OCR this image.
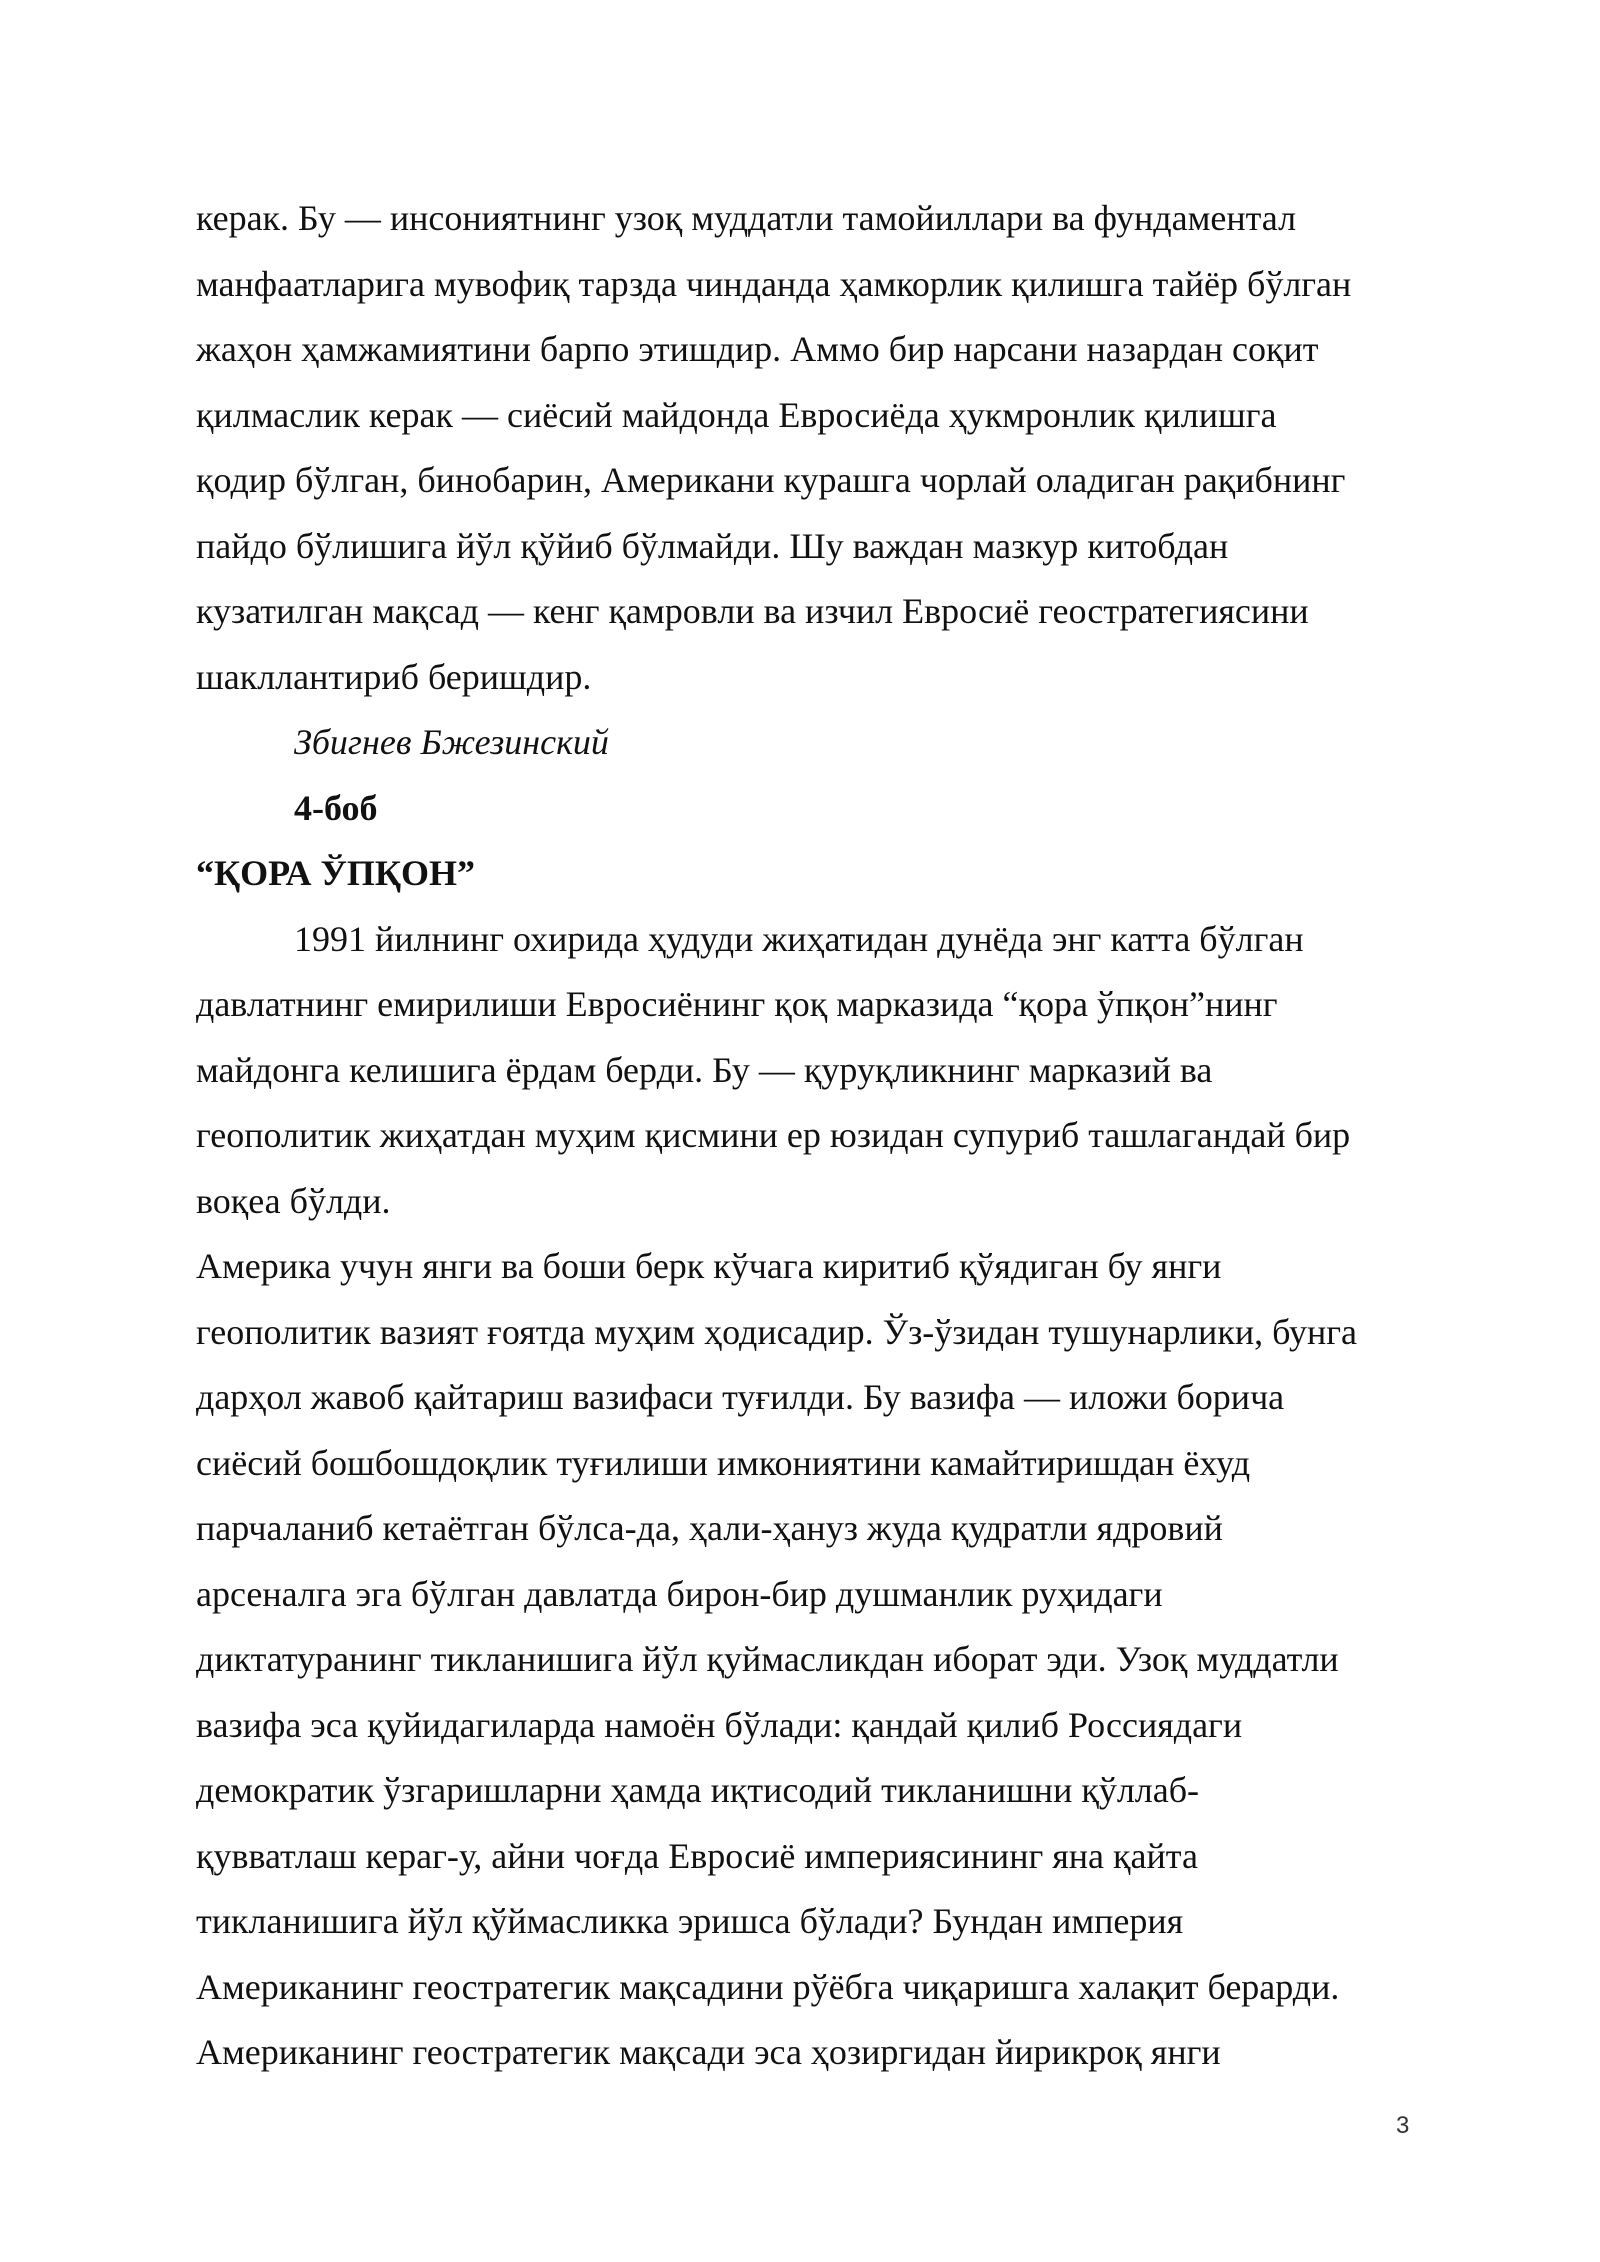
керак. Бу — инсониятнинг узоқ муддатли тамойиллари ва фундаментал
манфаатларига мувофиқ тарзда чинданда ҳамкорлик қилишга тайёр бўлган
жаҳон ҳамжамиятини барпо этишдир. Аммо бир нарсани назардан соқит
қилмаслик керак — сиёсий майдонда Евросиёда ҳукмронлик қилишга
қодир бўлган, бинобарин, Американи курашга чорлай оладиган рақибнинг
пайдо бўлишига йўл қўйиб бўлмайди. Шу важдан мазкур китобдан
кузатилган мақсад — кенг қамровли ва изчил Евросиё геостратегиясини
шакллантириб беришдир.
Збигнев Бжезинский
4-боб
“ҚОРА ЎПҚОН”
1991 йилнинг охирида ҳудуди жиҳатидан дунёда энг катта бўлган
давлатнинг емирилиши Евросиёнинг қоқ марказида “қора ўпқон”нинг
майдонга келишига ёрдам берди. Бу — қуруқликнинг марказий ва
геополитик жиҳатдан муҳим қисмини ер юзидан супуриб ташлагандай бир
воқеа бўлди.
Америка учун янги ва боши берк кўчага киритиб қўядиган бу янги
геополитик вазият ғоятда муҳим ҳодисадир. Ўз-ўзидан тушунарлики, бунга
дарҳол жавоб қайтариш вазифаси туғилди. Бу вазифа — иложи борича
сиёсий бошбошдоқлик туғилиши имкониятини камайтиришдан ёхуд
парчаланиб кетаётган бўлса-да, ҳали-ҳануз жуда қудратли ядровий
арсеналга эга бўлган давлатда бирон-бир душманлик руҳидаги
диктатуранинг тикланишига йўл қуймасликдан иборат эди. Узоқ муддатли
вазифа эса қуйидагиларда намоён бўлади: қандай қилиб Россиядаги
демократик ўзгаришларни ҳамда иқтисодий тикланишни қўллаб-
қувватлаш кераг-у, айни чоғда Евросиё империясининг яна қайта
тикланишига йўл қўймасликка эришса бўлади? Бундан империя
Американинг геостратегик мақсадини рўёбга чиқаришга халақит берарди.
Американинг геостратегик мақсади эса ҳозиргидан йирикроқ янги
3
